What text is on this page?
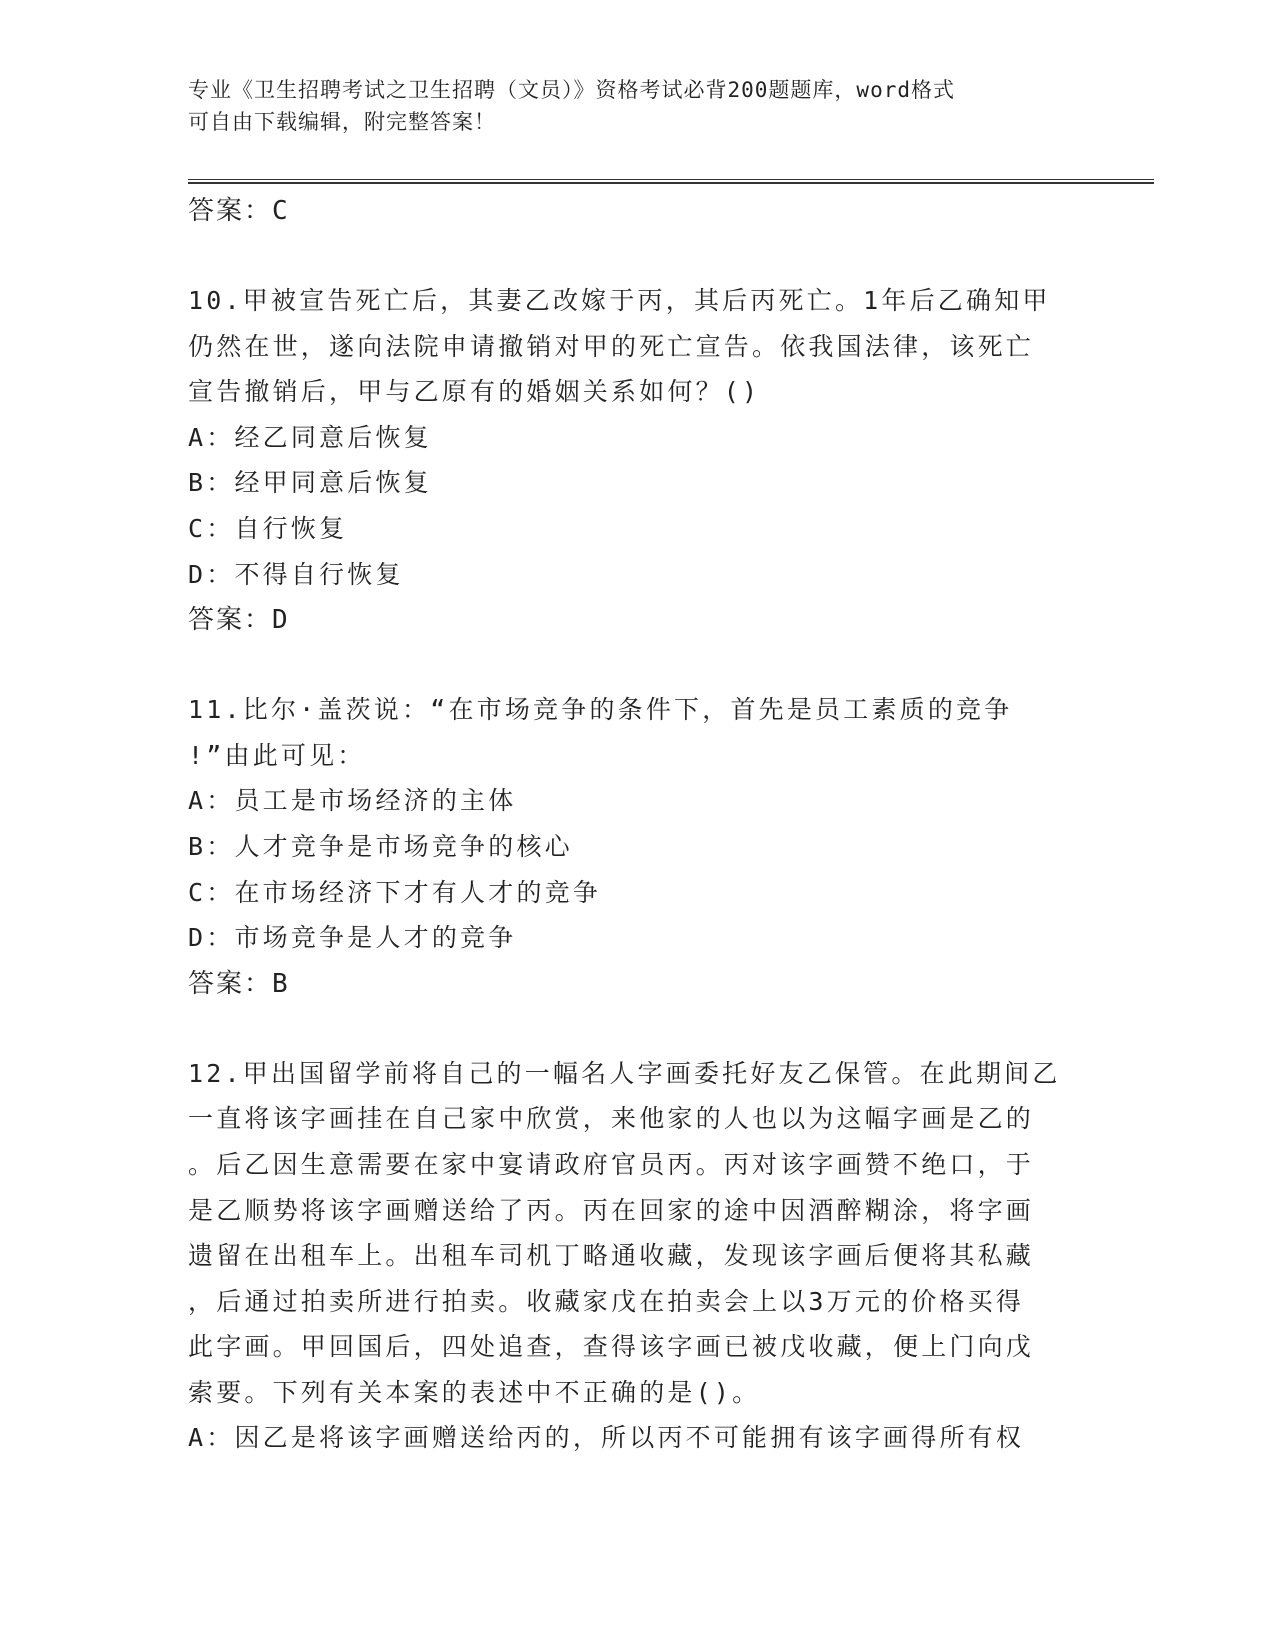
专业《卫生招聘考试之卫生招聘（文员）》资格考试必背200题题库，word格式
可自由下载编辑，附完整答案！

答案：C

10.甲被宣告死亡后，其妻乙改嫁于丙，其后丙死亡。1年后乙确知甲

仍然在世，遂向法院申请撤销对甲的死亡宣告。依我国法律，该死亡

宣告撤销后，甲与乙原有的婚姻关系如何？()

A：经乙同意后恢复

B：经甲同意后恢复

C：自行恢复

D：不得自行恢复

答案：D

11.比尔·盖茨说：“在市场竞争的条件下，首先是员工素质的竞争

!”由此可见：

A：员工是市场经济的主体

B：人才竞争是市场竞争的核心

C：在市场经济下才有人才的竞争

D：市场竞争是人才的竞争

答案：B

12.甲出国留学前将自己的一幅名人字画委托好友乙保管。在此期间乙

一直将该字画挂在自己家中欣赏，来他家的人也以为这幅字画是乙的

。后乙因生意需要在家中宴请政府官员丙。丙对该字画赞不绝口，于

是乙顺势将该字画赠送给了丙。丙在回家的途中因酒醉糊涂，将字画

遗留在出租车上。出租车司机丁略通收藏，发现该字画后便将其私藏

，后通过拍卖所进行拍卖。收藏家戊在拍卖会上以3万元的价格买得

此字画。甲回国后，四处追查，查得该字画已被戊收藏，便上门向戊

索要。下列有关本案的表述中不正确的是()。

A：因乙是将该字画赠送给丙的，所以丙不可能拥有该字画得所有权
